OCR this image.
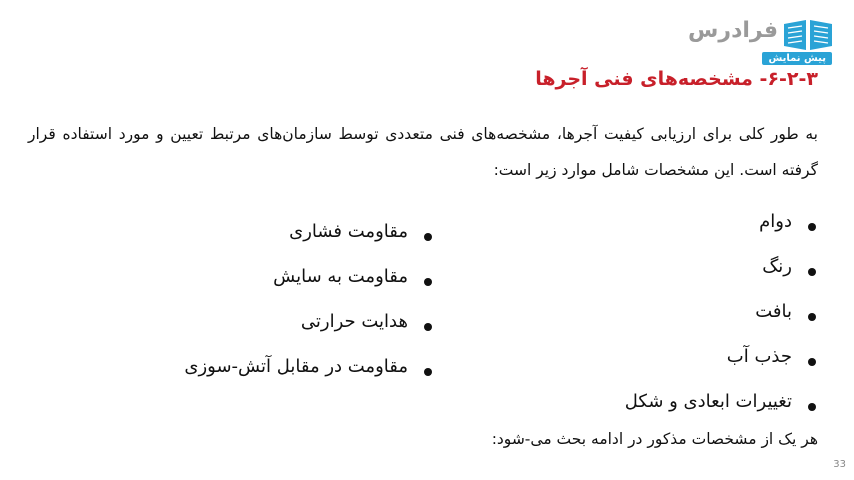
فرادرس
پیش نمایش
۶-۲-۳- مشخصه‌های فنی آجرها

به طور کلی برای ارزیابی کیفیت آجرها، مشخصه‌های فنی متعددی توسط سازمان‌های مرتبط تعیین و مورد استفاده قرار گرفته است. این مشخصات شامل موارد زیر است:

دوام
رنگ
بافت
جذب آب
تغییرات ابعادی و شکل
مقاومت فشاری
مقاومت به سایش
هدایت حرارتی
مقاومت در مقابل آتش-سوزی

هر یک از مشخصات مذکور در ادامه بحث می-شود:

33
